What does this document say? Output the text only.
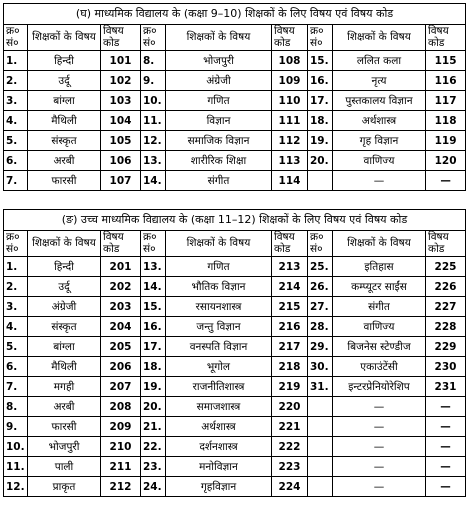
(घ) माध्यमिक विद्यालय के (कक्षा 9–10) शिक्षकों के लिए विषय एवं विषय कोड								
क्र० सं०	शिक्षकों के विषय	विषय कोड	क्र० सं०	शिक्षकों के विषय	विषय कोड	क्र० सं०	शिक्षकों के विषय	विषय कोड
1.	हिन्दी	101	8.	भोजपुरी	108	15.	ललित कला	115
2.	उर्दू	102	9.	अंग्रेजी	109	16.	नृत्य	116
3.	बांग्ला	103	10.	गणित	110	17.	पुस्तकालय विज्ञान	117
4.	मैथिली	104	11.	विज्ञान	111	18.	अर्थशास्त्र	118
5.	संस्कृत	105	12.	समाजिक विज्ञान	112	19.	गृह विज्ञान	119
6.	अरबी	106	13.	शारीरिक शिक्षा	113	20.	वाणिज्य	120
7.	फारसी	107	14.	संगीत	114		—	—
(ङ) उच्च माध्यमिक विद्यालय के (कक्षा 11–12) शिक्षकों के लिए विषय एवं विषय कोड								
क्र० सं०	शिक्षकों के विषय	विषय कोड	क्र० सं०	शिक्षकों के विषय	विषय कोड	क्र० सं०	शिक्षकों के विषय	विषय कोड
1.	हिन्दी	201	13.	गणित	213	25.	इतिहास	225
2.	उर्दू	202	14.	भौतिक विज्ञान	214	26.	कम्प्यूटर साईंस	226
3.	अंग्रेजी	203	15.	रसायनशास्त्र	215	27.	संगीत	227
4.	संस्कृत	204	16.	जन्तु विज्ञान	216	28.	वाणिज्य	228
5.	बांग्ला	205	17.	वनस्पति विज्ञान	217	29.	बिजनेस स्टेण्डीज	229
6.	मैथिली	206	18.	भूगोल	218	30.	एकाउंटेंसी	230
7.	मगही	207	19.	राजनीतिशास्त्र	219	31.	इन्टरप्रेनियोरेशिप	231
8.	अरबी	208	20.	समाजशास्त्र	220		—	—
9.	फारसी	209	21.	अर्थशास्त्र	221		—	—
10.	भोजपुरी	210	22.	दर्शनशास्त्र	222		—	—
11.	पाली	211	23.	मनोविज्ञान	223		—	—
12.	प्राकृत	212	24.	गृहविज्ञान	224		—	—
